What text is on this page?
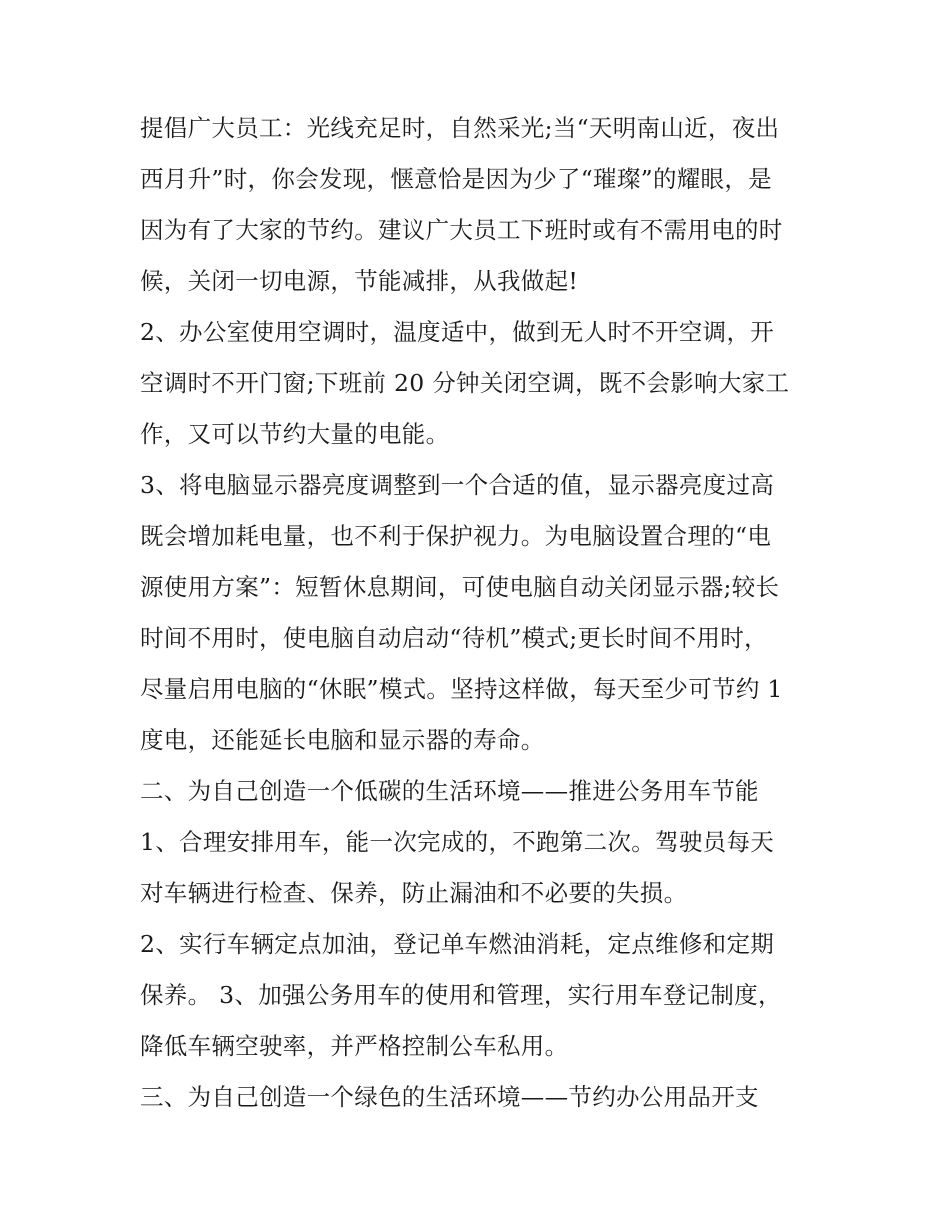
提倡广大员工：光线充足时，自然采光;当“天明南山近，夜出

西月升”时，你会发现，惬意恰是因为少了“璀璨”的耀眼，是

因为有了大家的节约。建议广大员工下班时或有不需用电的时

候，关闭一切电源，节能减排，从我做起!

2、办公室使用空调时，温度适中，做到无人时不开空调，开

空调时不开门窗;下班前 20 分钟关闭空调，既不会影响大家工

作，又可以节约大量的电能。

3、将电脑显示器亮度调整到一个合适的值，显示器亮度过高

既会增加耗电量，也不利于保护视力。为电脑设置合理的“电

源使用方案”：短暂休息期间，可使电脑自动关闭显示器;较长

时间不用时，使电脑自动启动“待机”模式;更长时间不用时，

尽量启用电脑的“休眠”模式。坚持这样做，每天至少可节约 1

度电，还能延长电脑和显示器的寿命。

二、为自己创造一个低碳的生活环境——推进公务用车节能

1、合理安排用车，能一次完成的，不跑第二次。驾驶员每天

对车辆进行检查、保养，防止漏油和不必要的失损。

2、实行车辆定点加油，登记单车燃油消耗，定点维修和定期

保养。 3、加强公务用车的使用和管理，实行用车登记制度，

降低车辆空驶率，并严格控制公车私用。

三、为自己创造一个绿色的生活环境——节约办公用品开支
